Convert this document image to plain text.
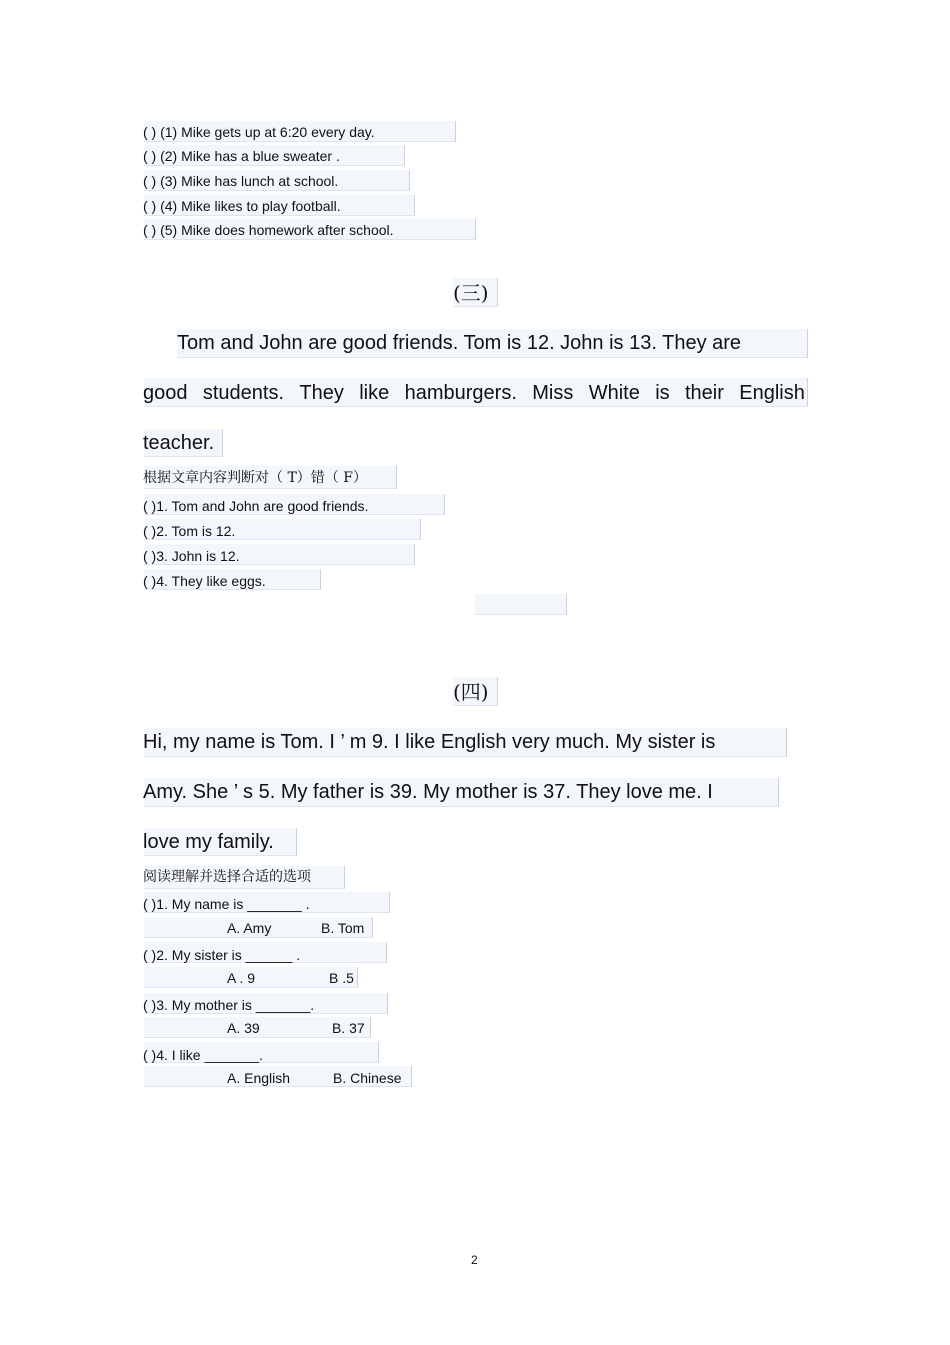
( ) (1) Mike gets up at 6:20 every day.
( ) (2) Mike has a blue sweater .
( ) (3) Mike has lunch at school.
( ) (4) Mike likes to play football.
( ) (5) Mike does homework after school.
(三)
Tom and John are good friends. Tom is 12. John is 13. They are
good students. They like hamburgers. Miss White is their English
teacher.
根据文章内容判断对（ T）错（ F）
( )1. Tom and John are good friends.
( )2. Tom is 12.
( )3. John is 12.
( )4. They like eggs.
(四)
Hi, my name is Tom. I ’ m 9. I like English very much. My sister is
Amy. She ’ s 5. My father is 39. My mother is 37. They love me. I
love my family.
阅读理解并选择合适的选项
( )1. My name is _______ .
A. Amy	B. Tom
( )2. My sister is ______ .
A . 9	B .5
( )3. My mother is _______.
A. 39	B. 37
( )4. I like _______.
A. English	B. Chinese
2
